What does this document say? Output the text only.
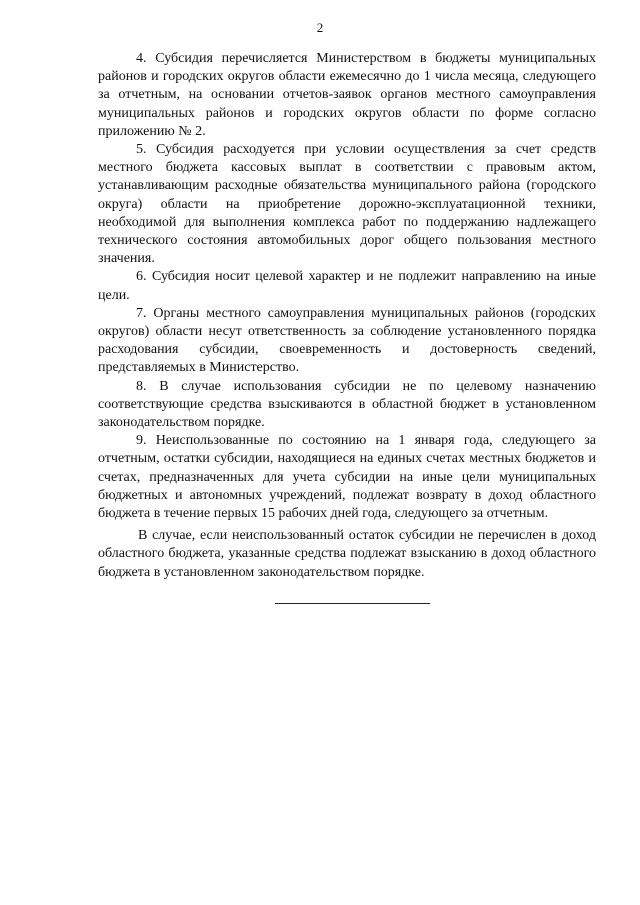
2

4. Субсидия перечисляется Министерством в бюджеты муниципальных районов и городских округов области ежемесячно до 1 числа месяца, следующего за отчетным, на основании отчетов-заявок органов местного самоуправления муниципальных районов и городских округов области по форме согласно приложению № 2.

5. Субсидия расходуется при условии осуществления за счет средств местного бюджета кассовых выплат в соответствии с правовым актом, устанавливающим расходные обязательства муниципального района (городского округа) области на приобретение дорожно-эксплуатационной техники, необходимой для выполнения комплекса работ по поддержанию надлежащего технического состояния автомобильных дорог общего пользования местного значения.

6. Субсидия носит целевой характер и не подлежит направлению на иные цели.

7. Органы местного самоуправления муниципальных районов (городских округов) области несут ответственность за соблюдение установленного порядка расходования субсидии, своевременность и достоверность сведений, представляемых в Министерство.

8. В случае использования субсидии не по целевому назначению соответствующие средства взыскиваются в областной бюджет в установленном законодательством порядке.

9. Неиспользованные по состоянию на 1 января года, следующего за отчетным, остатки субсидии, находящиеся на единых счетах местных бюджетов и счетах, предназначенных для учета субсидии на иные цели муниципальных бюджетных и автономных учреждений, подлежат возврату в доход областного бюджета в течение первых 15 рабочих дней года, следующего за отчетным.

В случае, если неиспользованный остаток субсидии не перечислен в доход областного бюджета, указанные средства подлежат взысканию в доход областного бюджета в установленном законодательством порядке.
